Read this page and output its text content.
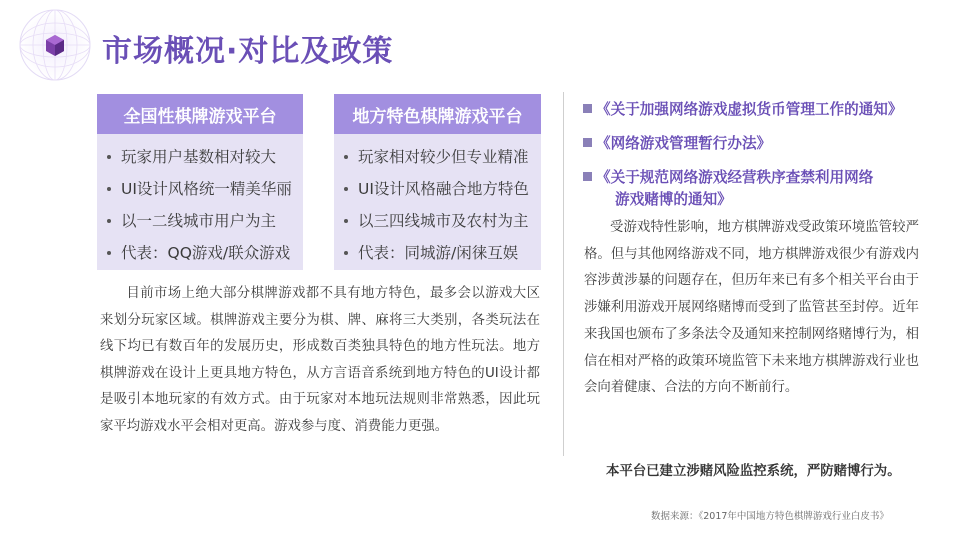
市场概况·对比及政策
全国性棋牌游戏平台
玩家用户基数相对较大
UI设计风格统一精美华丽
以一二线城市用户为主
代表：QQ游戏/联众游戏
地方特色棋牌游戏平台
玩家相对较少但专业精准
UI设计风格融合地方特色
以三四线城市及农村为主
代表：同城游/闲徕互娱
目前市场上绝大部分棋牌游戏都不具有地方特色，最多会以游戏大区来划分玩家区域。棋牌游戏主要分为棋、牌、麻将三大类别，各类玩法在线下均已有数百年的发展历史，形成数百类独具特色的地方性玩法。地方棋牌游戏在设计上更具地方特色，从方言语音系统到地方特色的UI设计都是吸引本地玩家的有效方式。由于玩家对本地玩法规则非常熟悉，因此玩家平均游戏水平会相对更高。游戏参与度、消费能力更强。
《关于加强网络游戏虚拟货币管理工作的通知》
《网络游戏管理暂行办法》
《关于规范网络游戏经营秩序查禁利用网络
游戏赌博的通知》
受游戏特性影响，地方棋牌游戏受政策环境监管较严格。但与其他网络游戏不同，地方棋牌游戏很少有游戏内容涉黄涉暴的问题存在，但历年来已有多个相关平台由于涉嫌利用游戏开展网络赌博而受到了监管甚至封停。近年来我国也颁布了多条法令及通知来控制网络赌博行为，相信在相对严格的政策环境监管下未来地方棋牌游戏行业也会向着健康、合法的方向不断前行。
本平台已建立涉赌风险监控系统，严防赌博行为。
数据来源：《2017年中国地方特色棋牌游戏行业白皮书》
